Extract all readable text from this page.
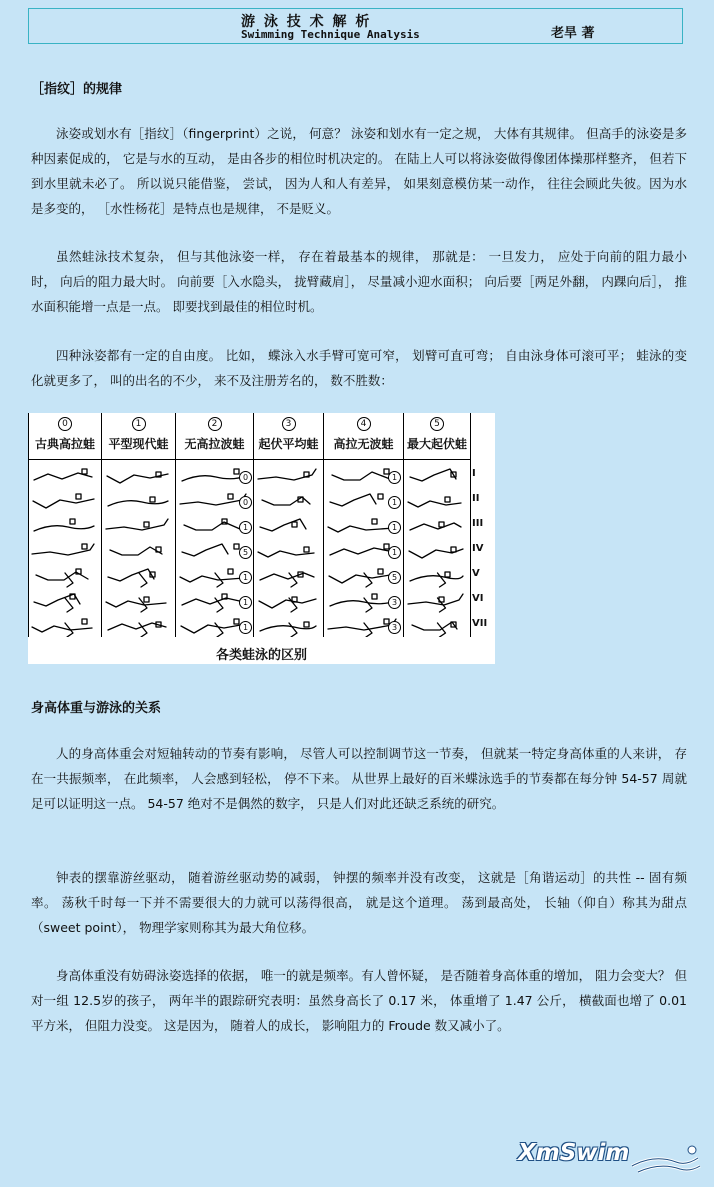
游 泳 技 术 解 析
Swimming Technique Analysis	老旱 著
［指纹］的规律

泳姿或划水有［指纹］（fingerprint）之说， 何意？ 泳姿和划水有一定之规， 大体有其规律。 但高手的泳姿是多种因素促成的， 它是与水的互动， 是由各步的相位时机决定的。 在陆上人可以将泳姿做得像团体操那样整齐， 但若下到水里就未必了。 所以说只能借鉴， 尝试， 因为人和人有差异， 如果刻意模仿某一动作， 往往会顾此失彼。因为水是多变的， ［水性杨花］是特点也是规律， 不是贬义。

虽然蛙泳技术复杂， 但与其他泳姿一样， 存在着最基本的规律， 那就是： 一旦发力， 应处于向前的阻力最小时， 向后的阻力最大时。 向前要［入水隐头， 拢臂藏肩］， 尽量减小迎水面积； 向后要［两足外翻， 内踝向后］， 推水面积能增一点是一点。 即要找到最佳的相位时机。

四种泳姿都有一定的自由度。 比如， 蝶泳入水手臂可宽可窄， 划臂可直可弯； 自由泳身体可滚可平； 蛙泳的变化就更多了， 叫的出名的不少， 来不及注册芳名的， 数不胜数：

0
古典高拉蛙
1
平型现代蛙
2
无高拉波蛙
3
起伏平均蛙
4
高拉无波蛙
5
最大起伏蛙
0
0
1
5
1
1
1
1
1
1
1
5
3
3
I
II
III
IV
V
VI
VII
各类蛙泳的区别
身高体重与游泳的关系

人的身高体重会对短轴转动的节奏有影响， 尽管人可以控制调节这一节奏， 但就某一特定身高体重的人来讲， 存在一共振频率， 在此频率， 人会感到轻松， 停不下来。 从世界上最好的百米蝶泳选手的节奏都在每分钟 54-57 周就足可以证明这一点。 54-57 绝对不是偶然的数字， 只是人们对此还缺乏系统的研究。

钟表的摆靠游丝驱动， 随着游丝驱动势的减弱， 钟摆的频率并没有改变， 这就是［角谐运动］的共性 -- 固有频率。 荡秋千时每一下并不需要很大的力就可以荡得很高， 就是这个道理。 荡到最高处， 长轴（仰自）称其为甜点（sweet point）， 物理学家则称其为最大角位移。

身高体重没有妨碍泳姿选择的依据， 唯一的就是频率。有人曾怀疑， 是否随着身高体重的增加， 阻力会变大？ 但对一组 12.5岁的孩子， 两年半的跟踪研究表明：虽然身高长了 0.17 米， 体重增了 1.47 公斤， 横截面也增了 0.01 平方米， 但阻力没变。 这是因为， 随着人的成长， 影响阻力的 Froude 数又减小了。

XmSwim
